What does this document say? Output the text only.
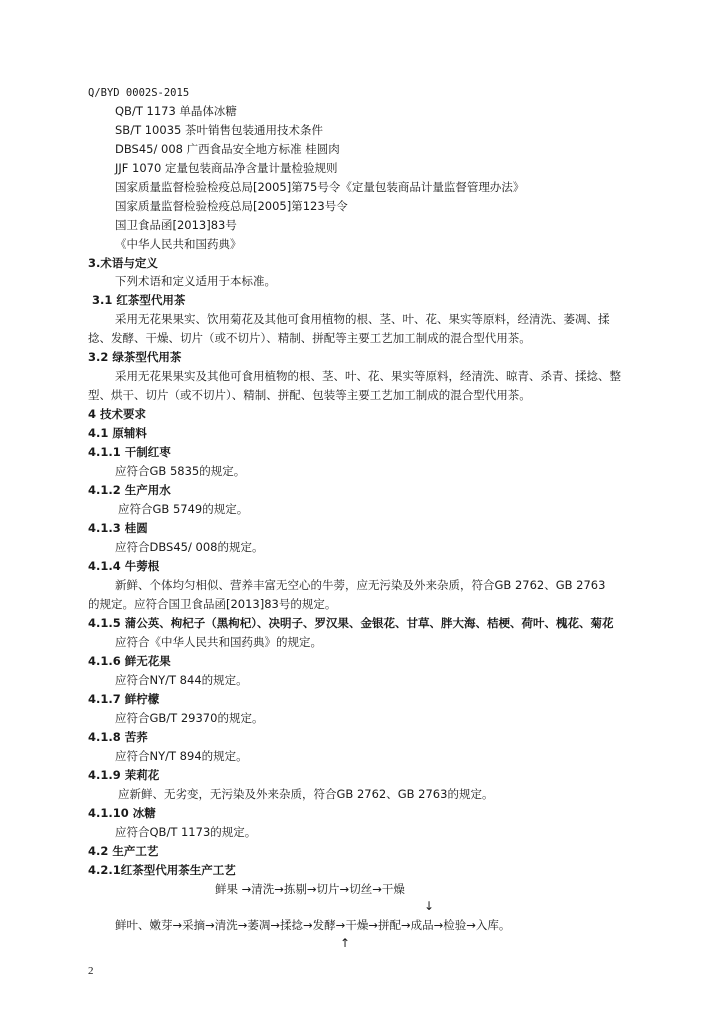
Q/BYD 0002S-2015
QB/T 1173 单晶体冰糖
SB/T 10035 茶叶销售包装通用技术条件
DBS45/ 008 广西食品安全地方标准 桂圆肉
JJF 1070 定量包装商品净含量计量检验规则
国家质量监督检验检疫总局[2005]第75号令《定量包装商品计量监督管理办法》
国家质量监督检验检疫总局[2005]第123号令
国卫食品函[2013]83号
《中华人民共和国药典》
3.术语与定义
下列术语和定义适用于本标准。
3.1 红茶型代用茶
采用无花果果实、饮用菊花及其他可食用植物的根、茎、叶、花、果实等原料，经清洗、萎凋、揉
捻、发酵、干燥、切片（或不切片）、精制、拼配等主要工艺加工制成的混合型代用茶。
3.2 绿茶型代用茶
采用无花果果实及其他可食用植物的根、茎、叶、花、果实等原料，经清洗、晾青、杀青、揉捻、整
型、烘干、切片（或不切片）、精制、拼配、包装等主要工艺加工制成的混合型代用茶。
4 技术要求
4.1 原辅料
4.1.1 干制红枣
应符合GB 5835的规定。
4.1.2 生产用水
应符合GB 5749的规定。
4.1.3 桂圆
应符合DBS45/ 008的规定。
4.1.4 牛蒡根
新鲜、个体均匀相似、营养丰富无空心的牛蒡，应无污染及外来杂质，符合GB 2762、GB 2763
的规定。应符合国卫食品函[2013]83号的规定。
4.1.5 蒲公英、枸杞子（黑枸杞）、决明子、罗汉果、金银花、甘草、胖大海、桔梗、荷叶、槐花、菊花
应符合《中华人民共和国药典》的规定。
4.1.6 鲜无花果
应符合NY/T 844的规定。
4.1.7 鲜柠檬
应符合GB/T 29370的规定。
4.1.8 苦荞
应符合NY/T 894的规定。
4.1.9 茉莉花
应新鲜、无劣变，无污染及外来杂质，符合GB 2762、GB 2763的规定。
4.1.10 冰糖
应符合QB/T 1173的规定。
4.2 生产工艺
4.2.1红茶型代用茶生产工艺
鲜果 →清洗→拣剔→切片→切丝→干燥
↓
鲜叶、嫩芽→采摘→清洗→萎凋→揉捻→发酵→干燥→拼配→成品→检验→入库。
↑
2
